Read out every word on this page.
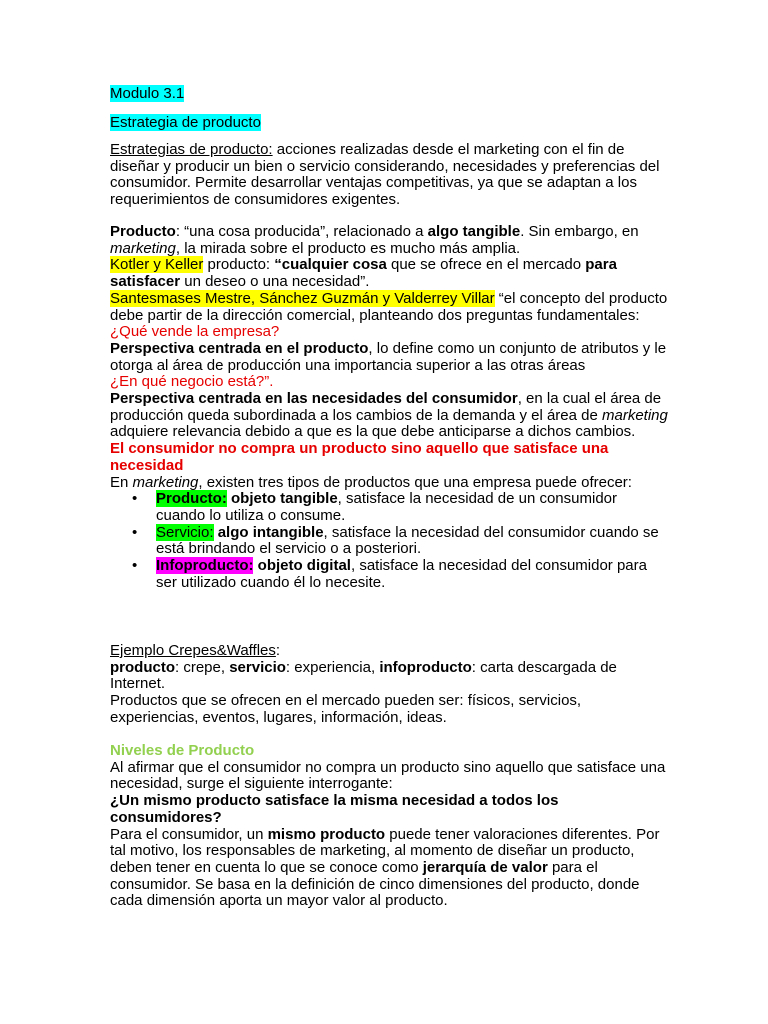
Modulo 3.1
Estrategia de producto
Estrategias de producto: acciones realizadas desde el marketing con el fin de diseñar y producir un bien o servicio considerando, necesidades y preferencias del consumidor. Permite desarrollar ventajas competitivas, ya que se adaptan a los requerimientos de consumidores exigentes.
Producto: “una cosa producida”, relacionado a algo tangible. Sin embargo, en marketing, la mirada sobre el producto es mucho más amplia.
Kotler y Keller producto: “cualquier cosa que se ofrece en el mercado para satisfacer un deseo o una necesidad”.
Santesmases Mestre, Sánchez Guzmán y Valderrey Villar “el concepto del producto debe partir de la dirección comercial, planteando dos preguntas fundamentales:
¿Qué vende la empresa?
Perspectiva centrada en el producto, lo define como un conjunto de atributos y le otorga al área de producción una importancia superior a las otras áreas
¿En qué negocio está?”.
Perspectiva centrada en las necesidades del consumidor, en la cual el área de producción queda subordinada a los cambios de la demanda y el área de marketing adquiere relevancia debido a que es la que debe anticiparse a dichos cambios.
El consumidor no compra un producto sino aquello que satisface una necesidad
En marketing, existen tres tipos de productos que una empresa puede ofrecer:
• Producto: objeto tangible, satisface la necesidad de un consumidor cuando lo utiliza o consume.
• Servicio: algo intangible, satisface la necesidad del consumidor cuando se está brindando el servicio o a posteriori.
• Infoproducto: objeto digital, satisface la necesidad del consumidor para ser utilizado cuando él lo necesite.
Ejemplo Crepes&Waffles:
producto: crepe, servicio: experiencia, infoproducto: carta descargada de Internet.
Productos que se ofrecen en el mercado pueden ser: físicos, servicios, experiencias, eventos, lugares, información, ideas.
Niveles de Producto
Al afirmar que el consumidor no compra un producto sino aquello que satisface una necesidad, surge el siguiente interrogante:
¿Un mismo producto satisface la misma necesidad a todos los consumidores?
Para el consumidor, un mismo producto puede tener valoraciones diferentes. Por tal motivo, los responsables de marketing, al momento de diseñar un producto, deben tener en cuenta lo que se conoce como jerarquía de valor para el consumidor. Se basa en la definición de cinco dimensiones del producto, donde cada dimensión aporta un mayor valor al producto.
